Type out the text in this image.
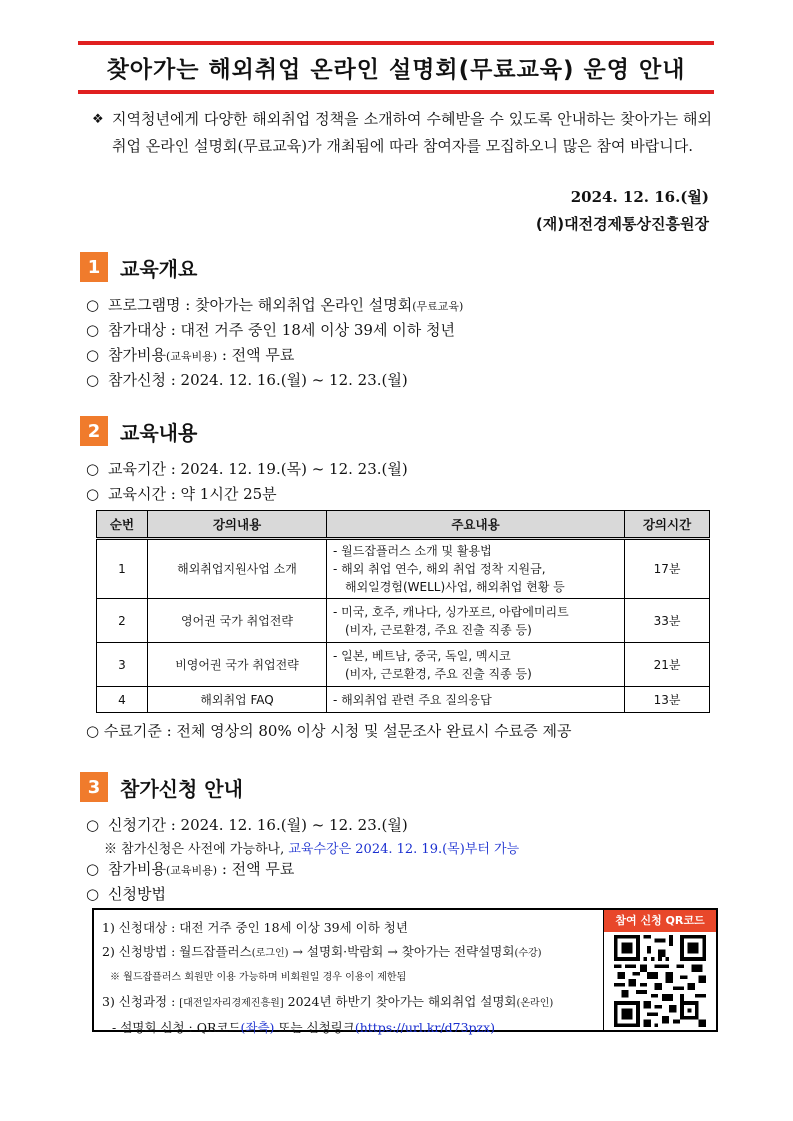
찾아가는 해외취업 온라인 설명회(무료교육) 운영 안내
❖ 지역청년에게 다양한 해외취업 정책을 소개하여 수혜받을 수 있도록 안내하는 찾아가는 해외취업 온라인 설명회(무료교육)가 개최됨에 따라 참여자를 모집하오니 많은 참여 바랍니다.
2024. 12. 16.(월)
(재)대전경제통상진흥원장
1 교육개요
○ 프로그램명 : 찾아가는 해외취업 온라인 설명회(무료교육)
○ 참가대상 : 대전 거주 중인 18세 이상 39세 이하 청년
○ 참가비용(교육비용) : 전액 무료
○ 참가신청 : 2024. 12. 16.(월) ~ 12. 23.(월)
2 교육내용
○ 교육기간 : 2024. 12. 19.(목) ~ 12. 23.(월)
○ 교육시간 : 약 1시간 25분
순번	강의내용	주요내용	강의시간
1	해외취업지원사업 소개	- 월드잡플러스 소개 및 활용법
- 해외 취업 연수, 해외 취업 정착 지원금,
해외일경험(WELL)사업, 해외취업 현황 등	17분
2	영어권 국가 취업전략	- 미국, 호주, 캐나다, 싱가포르, 아랍에미리트
(비자, 근로환경, 주요 진출 직종 등)	33분
3	비영어권 국가 취업전략	- 일본, 베트남, 중국, 독일, 멕시코
(비자, 근로환경, 주요 진출 직종 등)	21분
4	해외취업 FAQ	- 해외취업 관련 주요 질의응답	13분
○ 수료기준 : 전체 영상의 80% 이상 시청 및 설문조사 완료시 수료증 제공
3 참가신청 안내
○ 신청기간 : 2024. 12. 16.(월) ~ 12. 23.(월)
※ 참가신청은 사전에 가능하나, 교육수강은 2024. 12. 19.(목)부터 가능
○ 참가비용(교육비용) : 전액 무료
○ 신청방법
1) 신청대상 : 대전 거주 중인 18세 이상 39세 이하 청년
2) 신청방법 : 월드잡플러스(로그인) → 설명회·박람회 → 찾아가는 전략설명회(수강)
※ 월드잡플러스 회원만 이용 가능하며 비회원일 경우 이용이 제한됨
3) 신청과정 : [대전일자리경제진흥원] 2024년 하반기 찾아가는 해외취업 설명회(온라인)
- 설명회 신청 : QR코드(좌측) 또는 신청링크(https://url.kr/d73pzx)
참여 신청 QR코드
